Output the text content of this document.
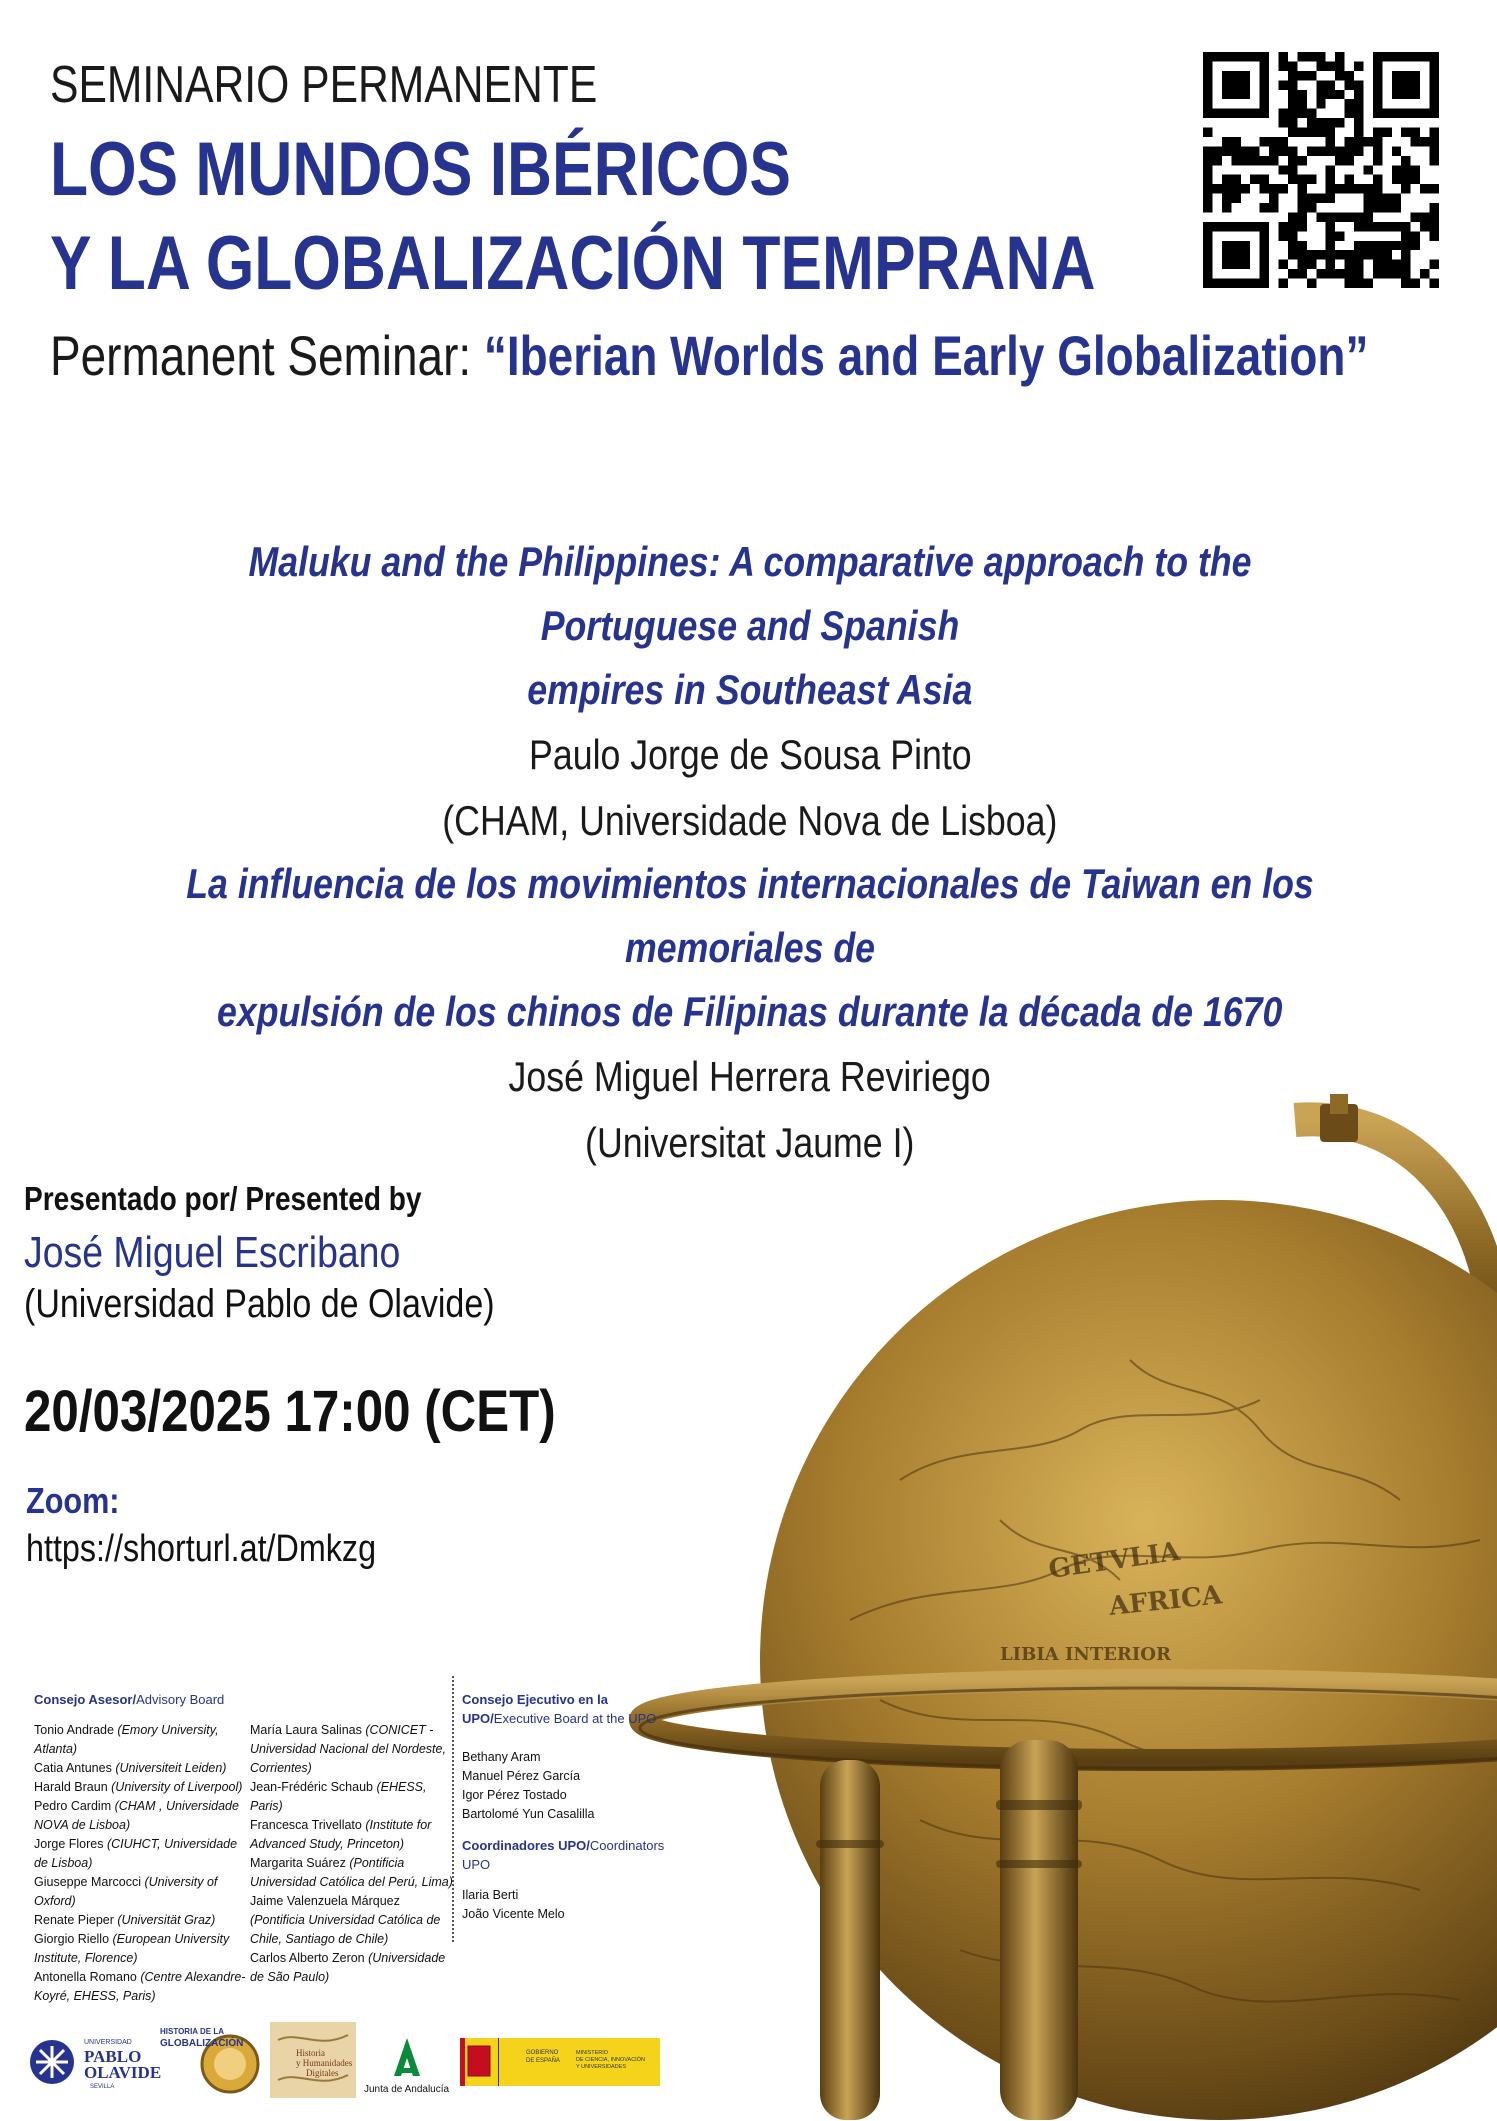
SEMINARIO PERMANENTE
LOS MUNDOS IBÉRICOS
Y LA GLOBALIZACIÓN TEMPRANA
Permanent Seminar: “Iberian Worlds and Early Globalization”
Maluku and the Philippines: A comparative approach to the Portuguese and Spanish
empires in Southeast Asia
Paulo Jorge de Sousa Pinto
(CHAM, Universidade Nova de Lisboa)
La influencia de los movimientos internacionales de Taiwan en los memoriales de
expulsión de los chinos de Filipinas durante la década de 1670
José Miguel Herrera Reviriego
(Universitat Jaume I)
Presentado por/ Presented by
José Miguel Escribano
(Universidad Pablo de Olavide)
20/03/2025 17:00 (CET)
Zoom:
https://shorturl.at/Dmkzg	GETVLIA
AFRICA
LIBIA INTERIOR
Consejo Asesor/Advisory Board
Tonio Andrade (Emory University, Atlanta)
Catia Antunes (Universiteit Leiden)
Harald Braun (University of Liverpool)
Pedro Cardim (CHAM , Universidade NOVA de Lisboa)
Jorge Flores (CIUHCT, Universidade de Lisboa)
Giuseppe Marcocci (University of Oxford)
Renate Pieper (Universität Graz)
Giorgio Riello (European University Institute, Florence)
Antonella Romano (Centre Alexandre-Koyré, EHESS, Paris)
María Laura Salinas (CONICET - Universidad Nacional del Nordeste, Corrientes)
Jean-Frédéric Schaub (EHESS, Paris)
Francesca Trivellato (Institute for Advanced Study, Princeton)
Margarita Suárez (Pontificia Universidad Católica del Perú, Lima)
Jaime Valenzuela Márquez (Pontificia Universidad Católica de Chile, Santiago de Chile)
Carlos Alberto Zeron (Universidade de São Paulo)
Consejo Ejecutivo en la UPO/Executive Board at the UPO
Bethany Aram
Manuel Pérez García
Igor Pérez Tostado
Bartolomé Yun Casalilla
Coordinadores UPO/Coordinators UPO
Ilaria Berti
João Vicente Melo
UNIVERSIDAD
PABLO
OLAVIDE
SEVILLA
HISTORIA DE LA
GLOBALIZACIÓN
Historia
y Humanidades
Digitales
Junta de Andalucía
GOBIERNO
DE ESPAÑA
MINISTERIO
DE CIENCIA, INNOVACIÓN
Y UNIVERSIDADES
